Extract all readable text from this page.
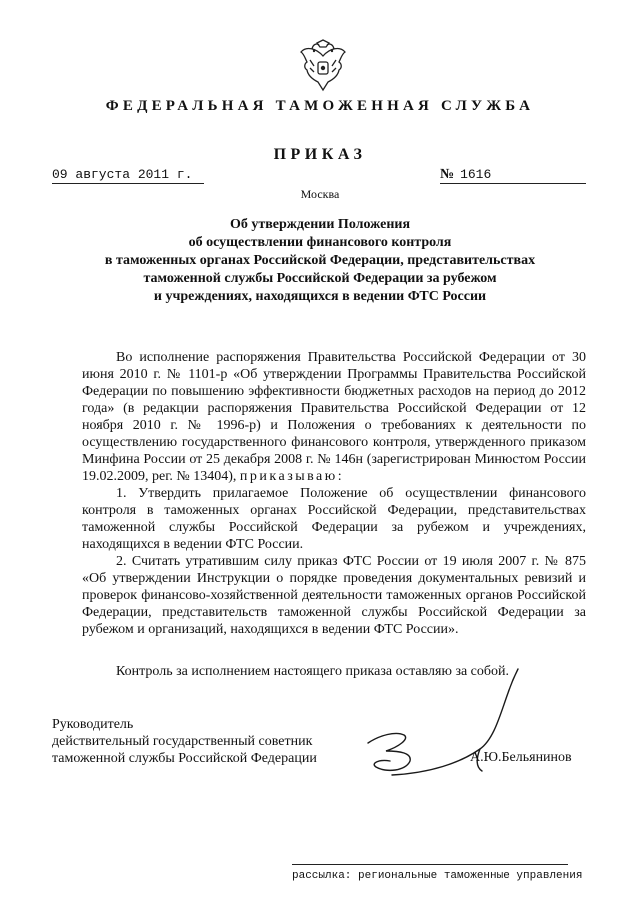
ФЕДЕРАЛЬНАЯ ТАМОЖЕННАЯ СЛУЖБА
ПРИКАЗ
09 августа 2011 г.	№ 1616
Москва
Об утверждении Положения
об осуществлении финансового контроля
в таможенных органах Российской Федерации, представительствах
таможенной службы Российской Федерации за рубежом
и учреждениях, находящихся в ведении ФТС России

Во исполнение распоряжения Правительства Российской Федерации от 30 июня 2010 г. № 1101-р «Об утверждении Программы Правительства Российской Федерации по повышению эффективности бюджетных расходов на период до 2012 года» (в редакции распоряжения Правительства Российской Федерации от 12 ноября 2010 г. № 1996-р) и Положения о требованиях к деятельности по осуществлению государственного финансового контроля, утвержденного приказом Минфина России от 25 декабря 2008 г. № 146н (зарегистрирован Минюстом России 19.02.2009, рег. № 13404), приказываю:

1. Утвердить прилагаемое Положение об осуществлении финансового контроля в таможенных органах Российской Федерации, представительствах таможенной службы Российской Федерации за рубежом и учреждениях, находящихся в ведении ФТС России.

2. Считать утратившим силу приказ ФТС России от 19 июля 2007 г. № 875 «Об утверждении Инструкции о порядке проведения документальных ревизий и проверок финансово-хозяйственной деятельности таможенных органов Российской Федерации, представительств таможенной службы Российской Федерации за рубежом и организаций, находящихся в ведении ФТС России».

Контроль за исполнением настоящего приказа оставляю за собой.
Руководитель
действительный государственный советник
таможенной службы Российской Федерации	А.Ю.Бельянинов
рассылка: региональные таможенные управления
